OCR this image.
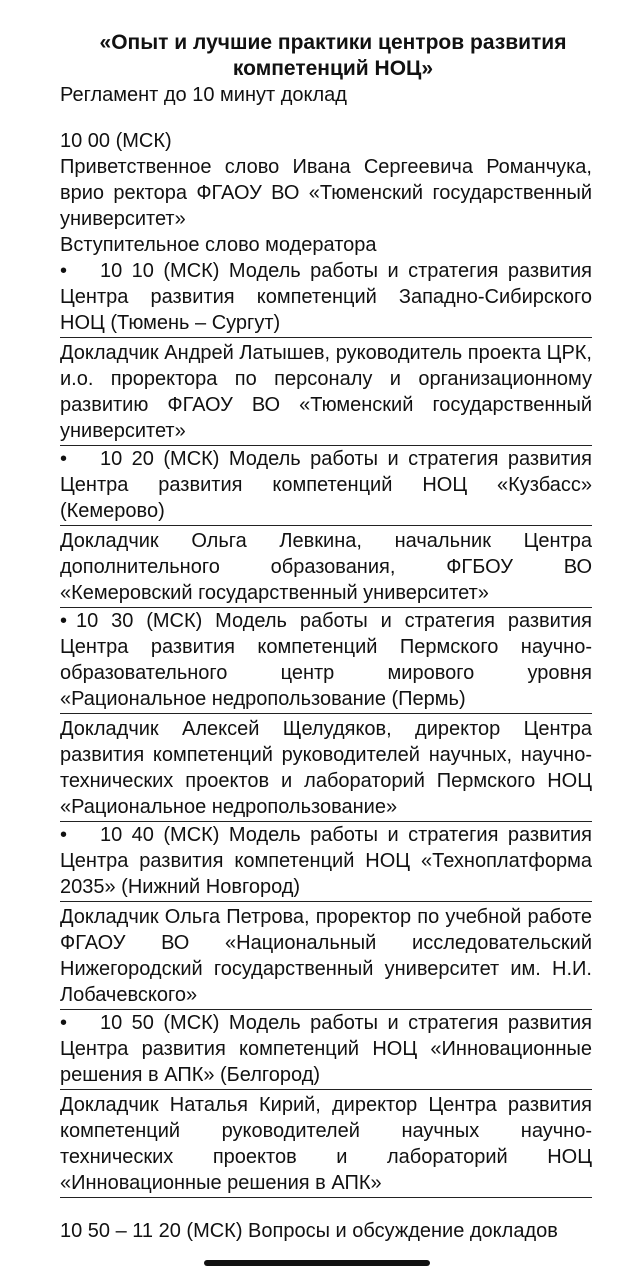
«Опыт и лучшие практики центров развития компетенций НОЦ»

Регламент до 10 минут доклад

10 00 (МСК)

Приветственное слово Ивана Сергеевича Романчука, врио ректора ФГАОУ ВО «Тюменский государственный университет»

Вступительное слово модератора

• 10 10 (МСК) Модель работы и стратегия развития Центра развития компетенций Западно-Сибирского НОЦ (Тюмень – Сургут)

Докладчик Андрей Латышев, руководитель проекта ЦРК, и.о. проректора по персоналу и организационному развитию ФГАОУ ВО «Тюменский государственный университет»

• 10 20 (МСК) Модель работы и стратегия развития Центра развития компетенций НОЦ «Кузбасс» (Кемерово)

Докладчик Ольга Левкина, начальник Центра дополнительного образования, ФГБОУ ВО «Кемеровский государственный университет»

• 10 30 (МСК) Модель работы и стратегия развития Центра развития компетенций Пермского научно-образовательного центр мирового уровня «Рациональное недропользование (Пермь)

Докладчик Алексей Щелудяков, директор Центра развития компетенций руководителей научных, научно-технических проектов и лабораторий Пермского НОЦ «Рациональное недропользование»

• 10 40 (МСК) Модель работы и стратегия развития Центра развития компетенций НОЦ «Техноплатформа 2035» (Нижний Новгород)

Докладчик Ольга Петрова, проректор по учебной работе ФГАОУ ВО «Национальный исследовательский Нижегородский государственный университет им. Н.И. Лобачевского»

• 10 50 (МСК) Модель работы и стратегия развития Центра развития компетенций НОЦ «Инновационные решения в АПК» (Белгород)

Докладчик Наталья Кирий, директор Центра развития компетенций руководителей научных научно-технических проектов и лабораторий НОЦ «Инновационные решения в АПК»

10 50 – 11 20 (МСК) Вопросы и обсуждение докладов
